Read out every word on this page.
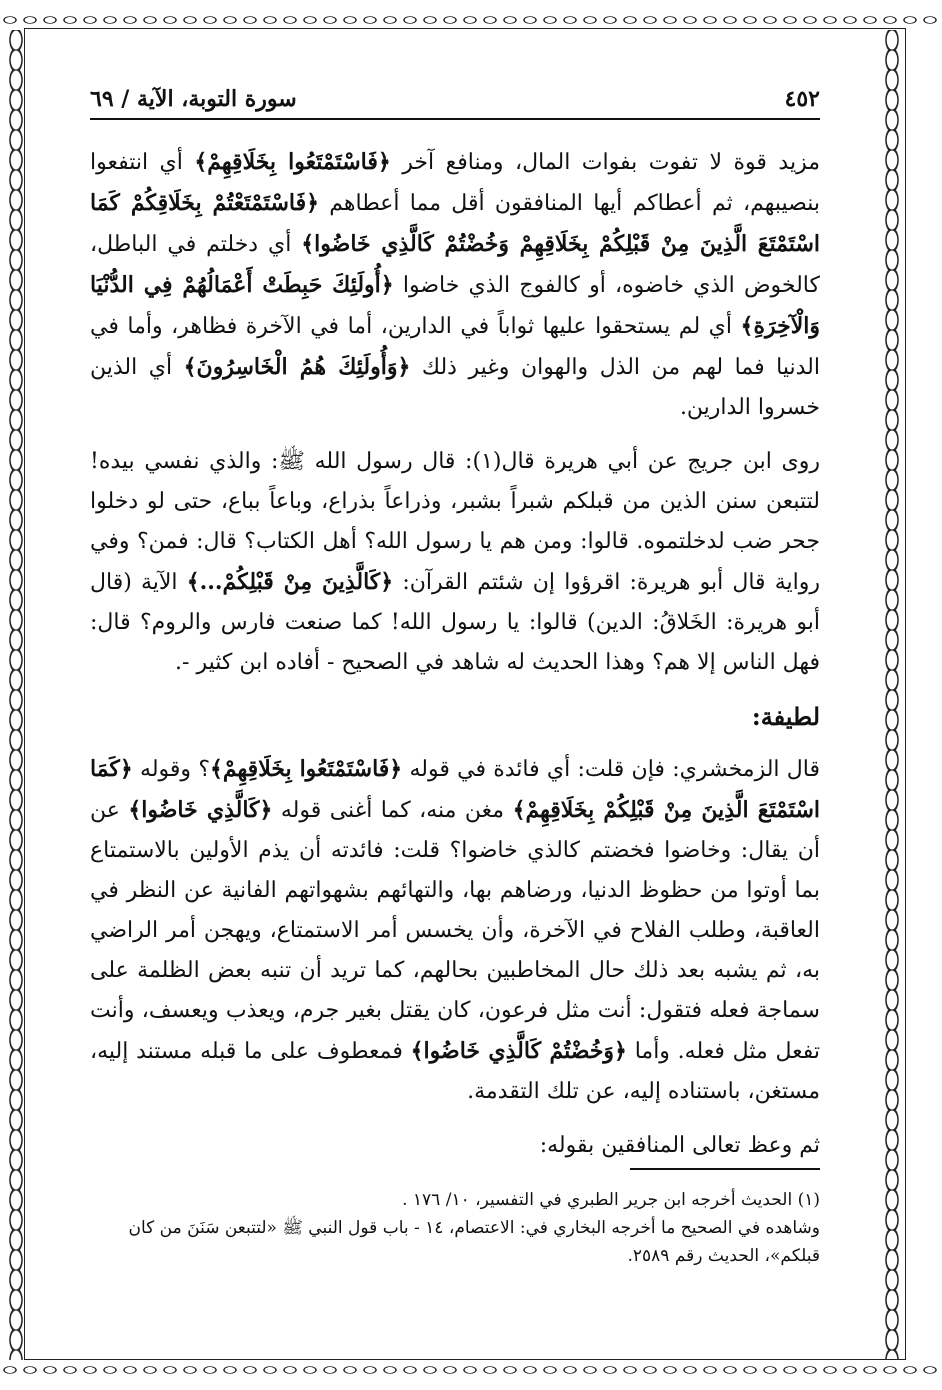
٤٥٢
سورة التوبة، الآية / ٦٩

مزيد قوة لا تفوت بفوات المال، ومنافع آخر ﴿فَاسْتَمْتَعُوا بِخَلَاقِهِمْ﴾ أي انتفعوا بنصيبهم، ثم أعطاكم أيها المنافقون أقل مما أعطاهم ﴿فَاسْتَمْتَعْتُمْ بِخَلَاقِكُمْ كَمَا اسْتَمْتَعَ الَّذِينَ مِنْ قَبْلِكُمْ بِخَلَاقِهِمْ وَخُضْتُمْ كَالَّذِي خَاضُوا﴾ أي دخلتم في الباطل، كالخوض الذي خاضوه، أو كالفوج الذي خاضوا ﴿أُولَئِكَ حَبِطَتْ أَعْمَالُهُمْ فِي الدُّنْيَا وَالْآخِرَةِ﴾ أي لم يستحقوا عليها ثواباً في الدارين، أما في الآخرة فظاهر، وأما في الدنيا فما لهم من الذل والهوان وغير ذلك ﴿وَأُولَئِكَ هُمُ الْخَاسِرُونَ﴾ أي الذين خسروا الدارين.

روى ابن جريج عن أبي هريرة قال(١): قال رسول الله ﷺ: والذي نفسي بيده! لتتبعن سنن الذين من قبلكم شبراً بشبر، وذراعاً بذراع، وباعاً بباع، حتى لو دخلوا جحر ضب لدخلتموه. قالوا: ومن هم يا رسول الله؟ أهل الكتاب؟ قال: فمن؟ وفي رواية قال أبو هريرة: اقرؤوا إن شئتم القرآن: ﴿كَالَّذِينَ مِنْ قَبْلِكُمْ...﴾ الآية (قال أبو هريرة: الخَلاقُ: الدين) قالوا: يا رسول الله! كما صنعت فارس والروم؟ قال: فهل الناس إلا هم؟ وهذا الحديث له شاهد في الصحيح - أفاده ابن كثير -.

لطيفة:

قال الزمخشري: فإن قلت: أي فائدة في قوله ﴿فَاسْتَمْتَعُوا بِخَلَاقِهِمْ﴾؟ وقوله ﴿كَمَا اسْتَمْتَعَ الَّذِينَ مِنْ قَبْلِكُمْ بِخَلَاقِهِمْ﴾ مغن منه، كما أغنى قوله ﴿كَالَّذِي خَاضُوا﴾ عن أن يقال: وخاضوا فخضتم كالذي خاضوا؟ قلت: فائدته أن يذم الأولين بالاستمتاع بما أوتوا من حظوظ الدنيا، ورضاهم بها، والتهائهم بشهواتهم الفانية عن النظر في العاقبة، وطلب الفلاح في الآخرة، وأن يخسس أمر الاستمتاع، ويهجن أمر الراضي به، ثم يشبه بعد ذلك حال المخاطبين بحالهم، كما تريد أن تنبه بعض الظلمة على سماجة فعله فتقول: أنت مثل فرعون، كان يقتل بغير جرم، ويعذب ويعسف، وأنت تفعل مثل فعله. وأما ﴿وَخُضْتُمْ كَالَّذِي خَاضُوا﴾ فمعطوف على ما قبله مستند إليه، مستغن، باستناده إليه، عن تلك التقدمة.

ثم وعظ تعالى المنافقين بقوله:

(١) الحديث أخرجه ابن جرير الطبري في التفسير، ١٠/ ١٧٦ .

وشاهده في الصحيح ما أخرجه البخاري في: الاعتصام، ١٤ - باب قول النبي ﷺ «لتتبعن سَنَنَ من كان قبلكم»، الحديث رقم ٢٥٨٩.
